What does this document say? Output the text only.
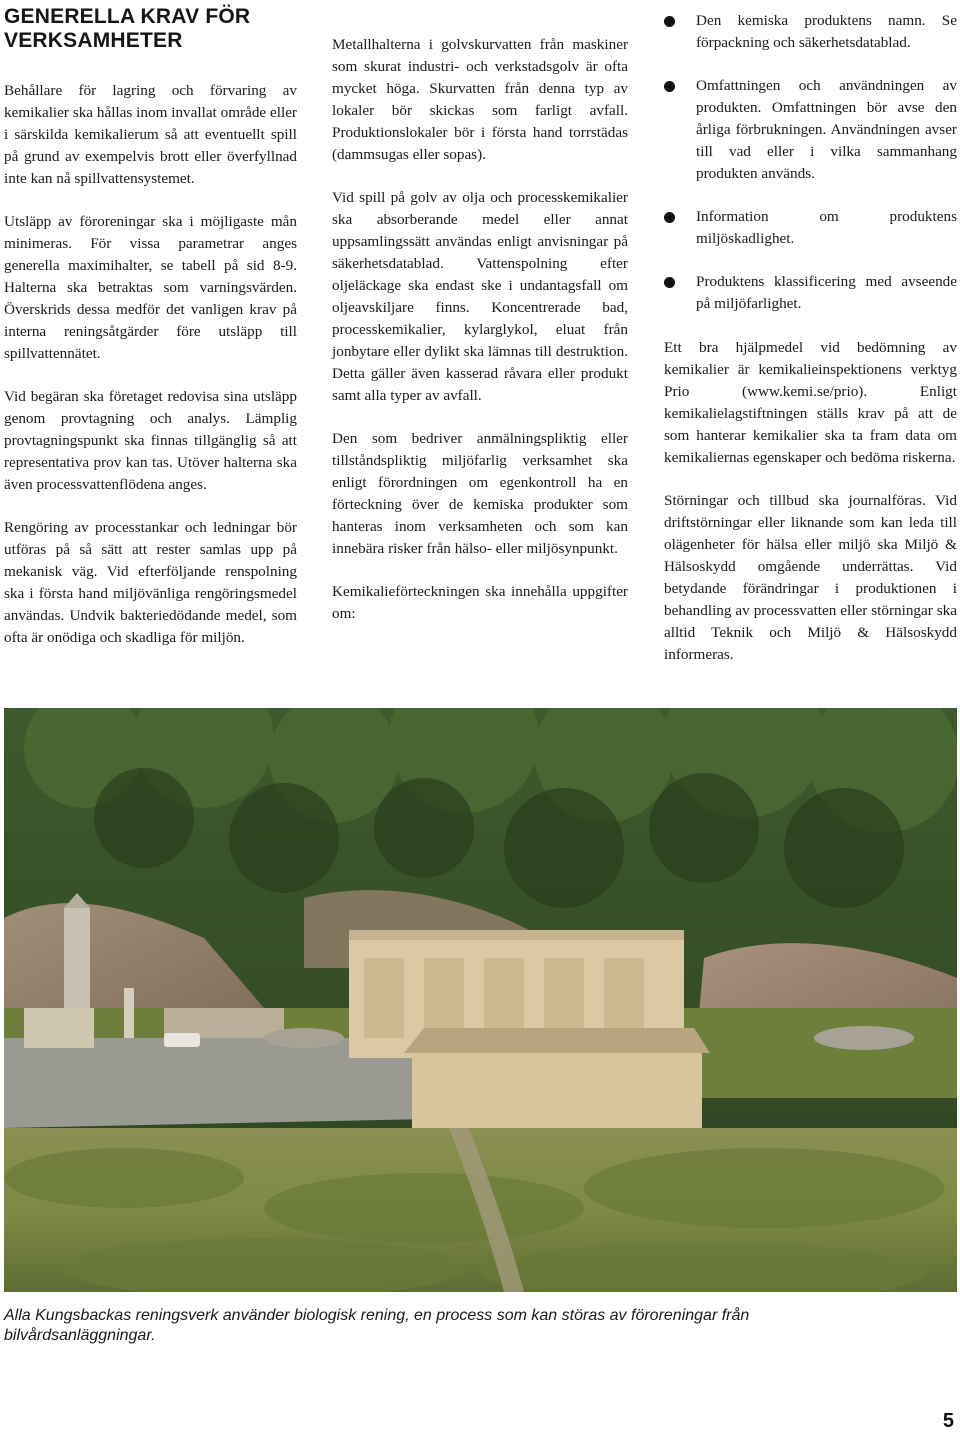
GENERELLA KRAV FÖR VERKSAMHETER

Behållare för lagring och förvaring av kemikalier ska hållas inom invallat område eller i särskilda kemikalierum så att eventuellt spill på grund av exempelvis brott eller överfyllnad inte kan nå spillvattensystemet.

Utsläpp av föroreningar ska i möjligaste mån minimeras. För vissa parametrar anges generella maximihalter, se tabell på sid 8-9. Halterna ska betraktas som varningsvärden. Överskrids dessa medför det vanligen krav på interna reningsåtgärder före utsläpp till spillvattennätet.

Vid begäran ska företaget redovisa sina utsläpp genom provtagning och analys. Lämplig provtagningspunkt ska finnas tillgänglig så att representativa prov kan tas. Utöver halterna ska även processvattenflödena anges.

Rengöring av processtankar och ledningar bör utföras på så sätt att rester samlas upp på mekanisk väg. Vid efterföljande renspolning ska i första hand miljövänliga rengöringsmedel användas. Undvik bakteriedödande medel, som ofta är onödiga och skadliga för miljön.

Metallhalterna i golvskurvatten från maskiner som skurat industri- och verkstadsgolv är ofta mycket höga. Skurvatten från denna typ av lokaler bör skickas som farligt avfall. Produktionslokaler bör i första hand torrstädas (dammsugas eller sopas).

Vid spill på golv av olja och processkemikalier ska absorberande medel eller annat uppsamlingssätt användas enligt anvisningar på säkerhetsdatablad. Vattenspolning efter oljeläckage ska endast ske i undantagsfall om oljeavskiljare finns. Koncentrerade bad, processkemikalier, kylarglykol, eluat från jonbytare eller dylikt ska lämnas till destruktion. Detta gäller även kasserad råvara eller produkt samt alla typer av avfall.

Den som bedriver anmälningspliktig eller tillståndspliktig miljöfarlig verksamhet ska enligt förordningen om egenkontroll ha en förteckning över de kemiska produkter som hanteras inom verksamheten och som kan innebära risker från hälso- eller miljösynpunkt.

Kemikalieförteckningen ska innehålla uppgifter om:

Den kemiska produktens namn. Se förpackning och säkerhetsdatablad.
Omfattningen och användningen av produkten. Omfattningen bör avse den årliga förbrukningen. Användningen avser till vad eller i vilka sammanhang produkten används.
Information om produktens miljöskadlighet.
Produktens klassificering med avseende på miljöfarlighet.

Ett bra hjälpmedel vid bedömning av kemikalier är kemikalieinspektionens verktyg Prio (www.kemi.se/prio). Enligt kemikalielagstiftningen ställs krav på att de som hanterar kemikalier ska ta fram data om kemikaliernas egenskaper och bedöma riskerna.

Störningar och tillbud ska journalföras. Vid driftstörningar eller liknande som kan leda till olägenheter för hälsa eller miljö ska Miljö & Hälsoskydd omgående underrättas. Vid betydande förändringar i produktionen i behandling av processvatten eller störningar ska alltid Teknik och Miljö & Hälsoskydd informeras.

Alla Kungsbackas reningsverk använder biologisk rening, en process som kan störas av föroreningar från bilvårdsanläggningar.
5
